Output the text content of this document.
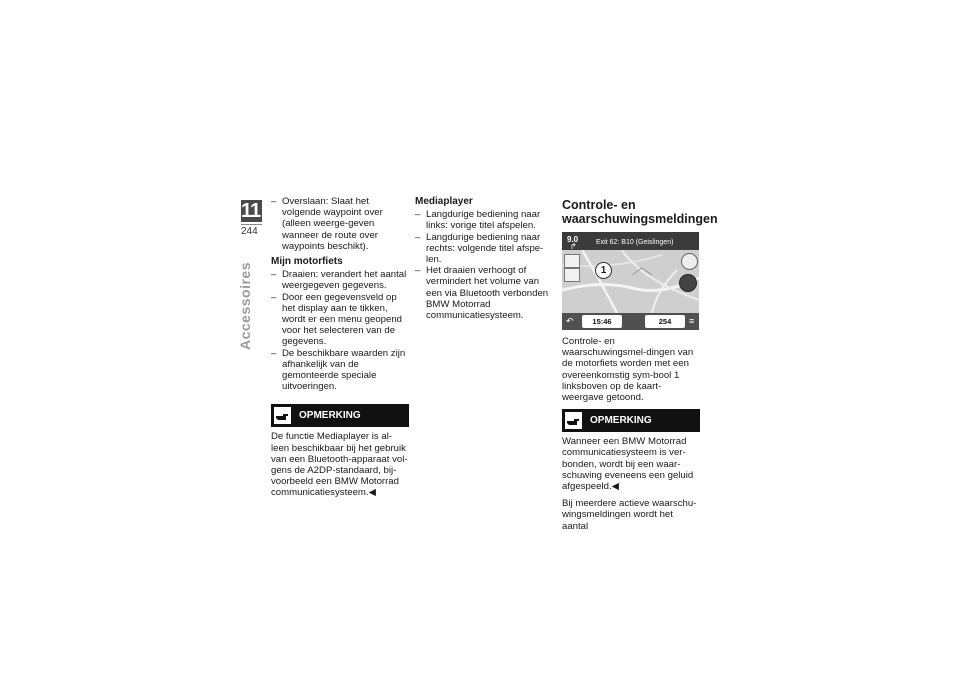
11
244
Accessoires

– Overslaan: Slaat het volgende waypoint over (alleen weerge-geven wanneer de route over waypoints beschikt).

Mijn motorfiets

– Draaien: verandert het aantal weergegeven gegevens.

– Door een gegevensveld op het display aan te tikken, wordt er een menu geopend voor het selecteren van de gegevens.

– De beschikbare waarden zijn afhankelijk van de gemonteerde speciale uitvoeringen.

OPMERKING

De functie Mediaplayer is al-leen beschikbaar bij het gebruik van een Bluetooth-apparaat vol-gens de A2DP-standaard, bij-voorbeeld een BMW Motorrad communicatiesysteem.◀

Mediaplayer

– Langdurige bediening naar links: vorige titel afspelen.

– Langdurige bediening naar rechts: volgende titel afspe-len.

– Het draaien verhoogt of vermindert het volume van een via Bluetooth verbonden BMW Motorrad communicatiesysteem.

Controle- en waarschuwingsmeldingen
9.0
↱	Exit 62: B10 (Geislingen)
1
↶	15:46	254	≡

Controle- en waarschuwingsmel-dingen van de motorfiets worden met een overeenkomstig sym-bool 1 linksboven op de kaart-weergave getoond.

OPMERKING

Wanneer een BMW Motorrad communicatiesysteem is ver-bonden, wordt bij een waar-schuwing eveneens een geluid afgespeeld.◀

Bij meerdere actieve waarschu-wingsmeldingen wordt het aantal
